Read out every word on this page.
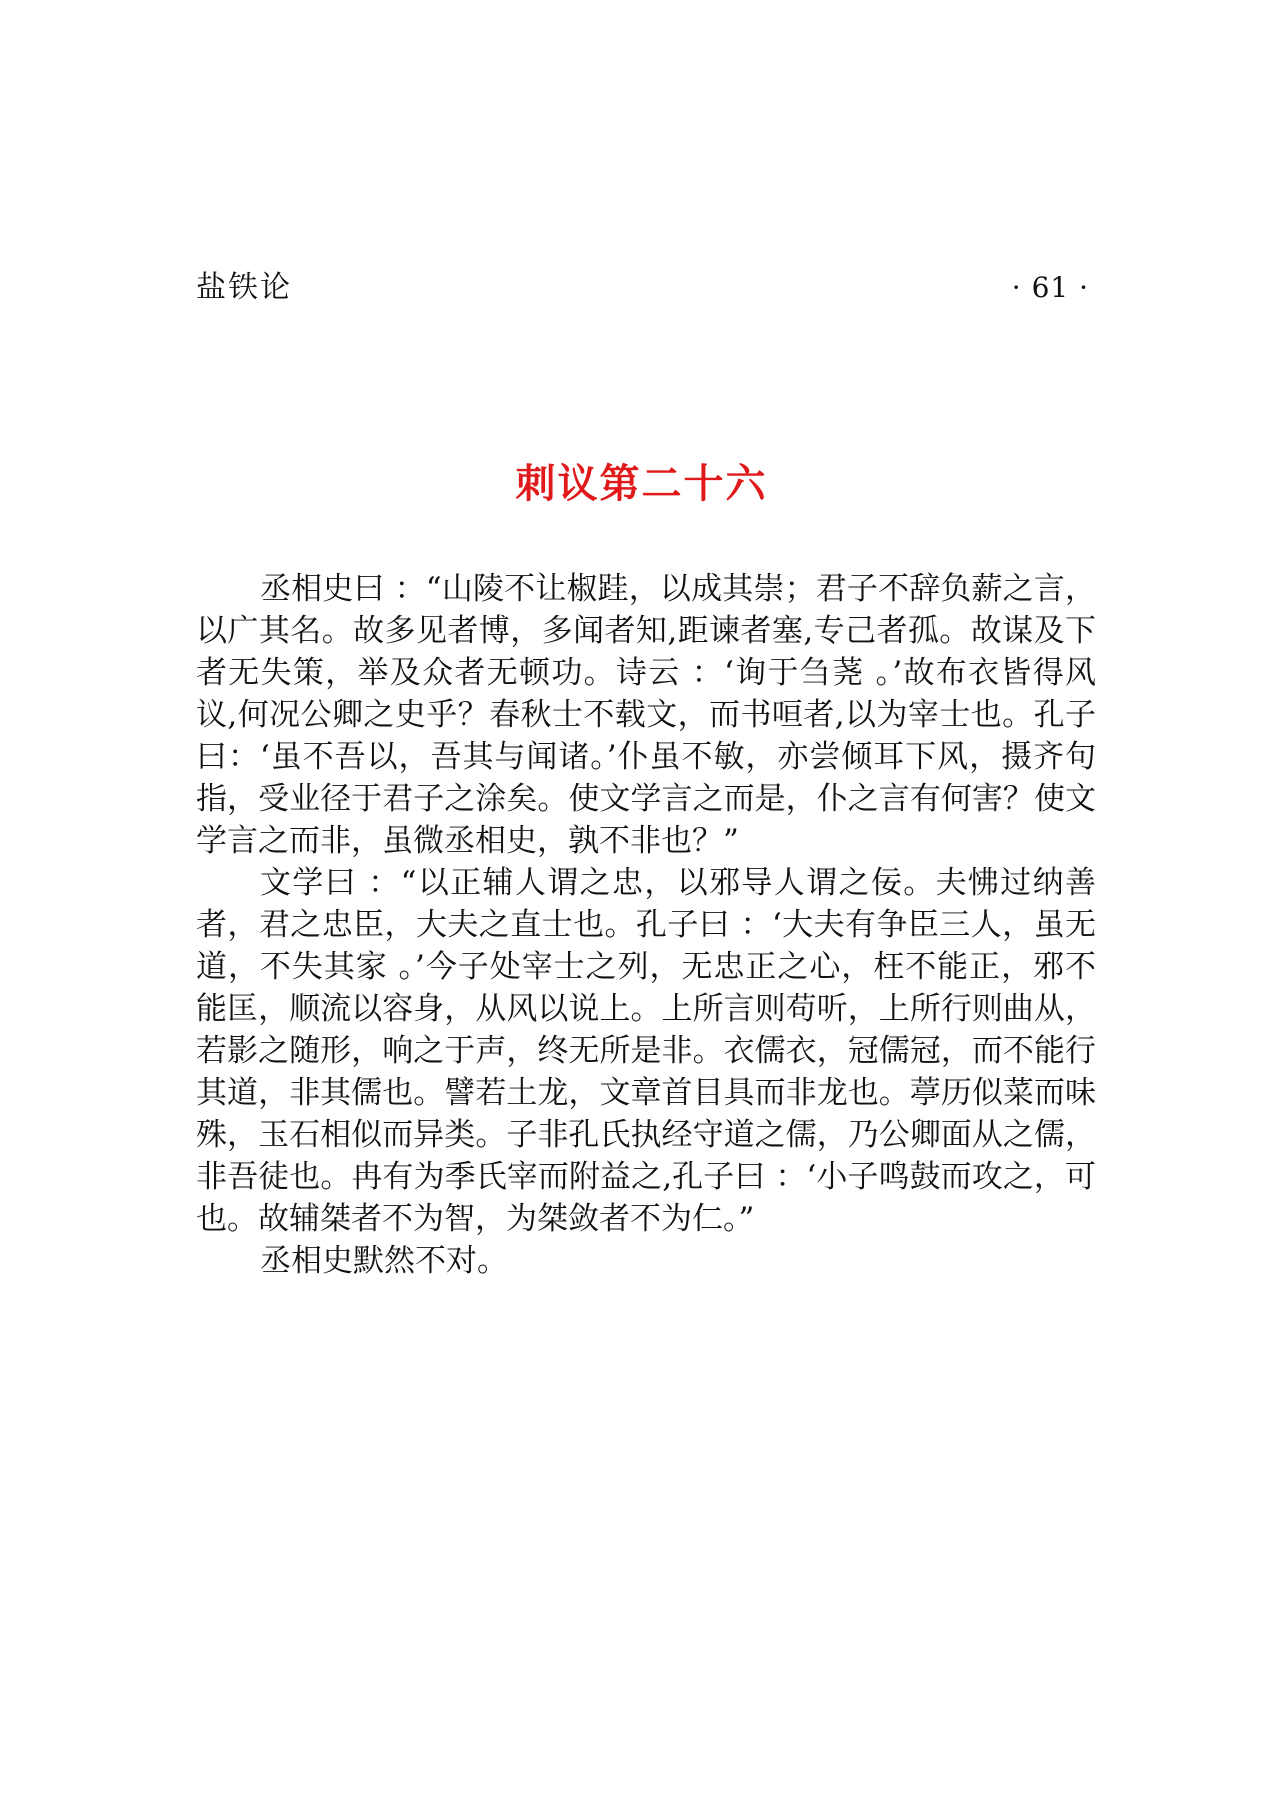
盐铁论	· 61 ·
刺议第二十六

丞相史曰 ：“山陵不让椒跬，以成其崇；君子不辞负薪之言，以广其名。故多见者博，多闻者知,距谏者塞,专己者孤。故谋及下者无失策，举及众者无顿功。诗云 ：‘询于刍荛 。’故布衣皆得风议,何况公卿之史乎？春秋士不载文，而书咺者,以为宰士也。孔子曰：‘虽不吾以，吾其与闻诸。’仆虽不敏，亦尝倾耳下风，摄齐句指，受业径于君子之涂矣。使文学言之而是，仆之言有何害？使文学言之而非，虽微丞相史，孰不非也？”

文学曰 ：“以正辅人谓之忠，以邪导人谓之佞。夫怫过纳善者，君之忠臣，大夫之直士也。孔子曰 ：‘大夫有争臣三人，虽无道，不失其家 。’今子处宰士之列，无忠正之心，枉不能正，邪不能匡，顺流以容身，从风以说上。上所言则苟听，上所行则曲从，若影之随形，响之于声，终无所是非。衣儒衣，冠儒冠，而不能行其道，非其儒也。譬若土龙，文章首目具而非龙也。葶历似菜而味殊，玉石相似而异类。子非孔氏执经守道之儒，乃公卿面从之儒，非吾徒也。冉有为季氏宰而附益之,孔子曰 ：‘小子鸣鼓而攻之，可也。故辅桀者不为智，为桀敛者不为仁。”

丞相史默然不对。
